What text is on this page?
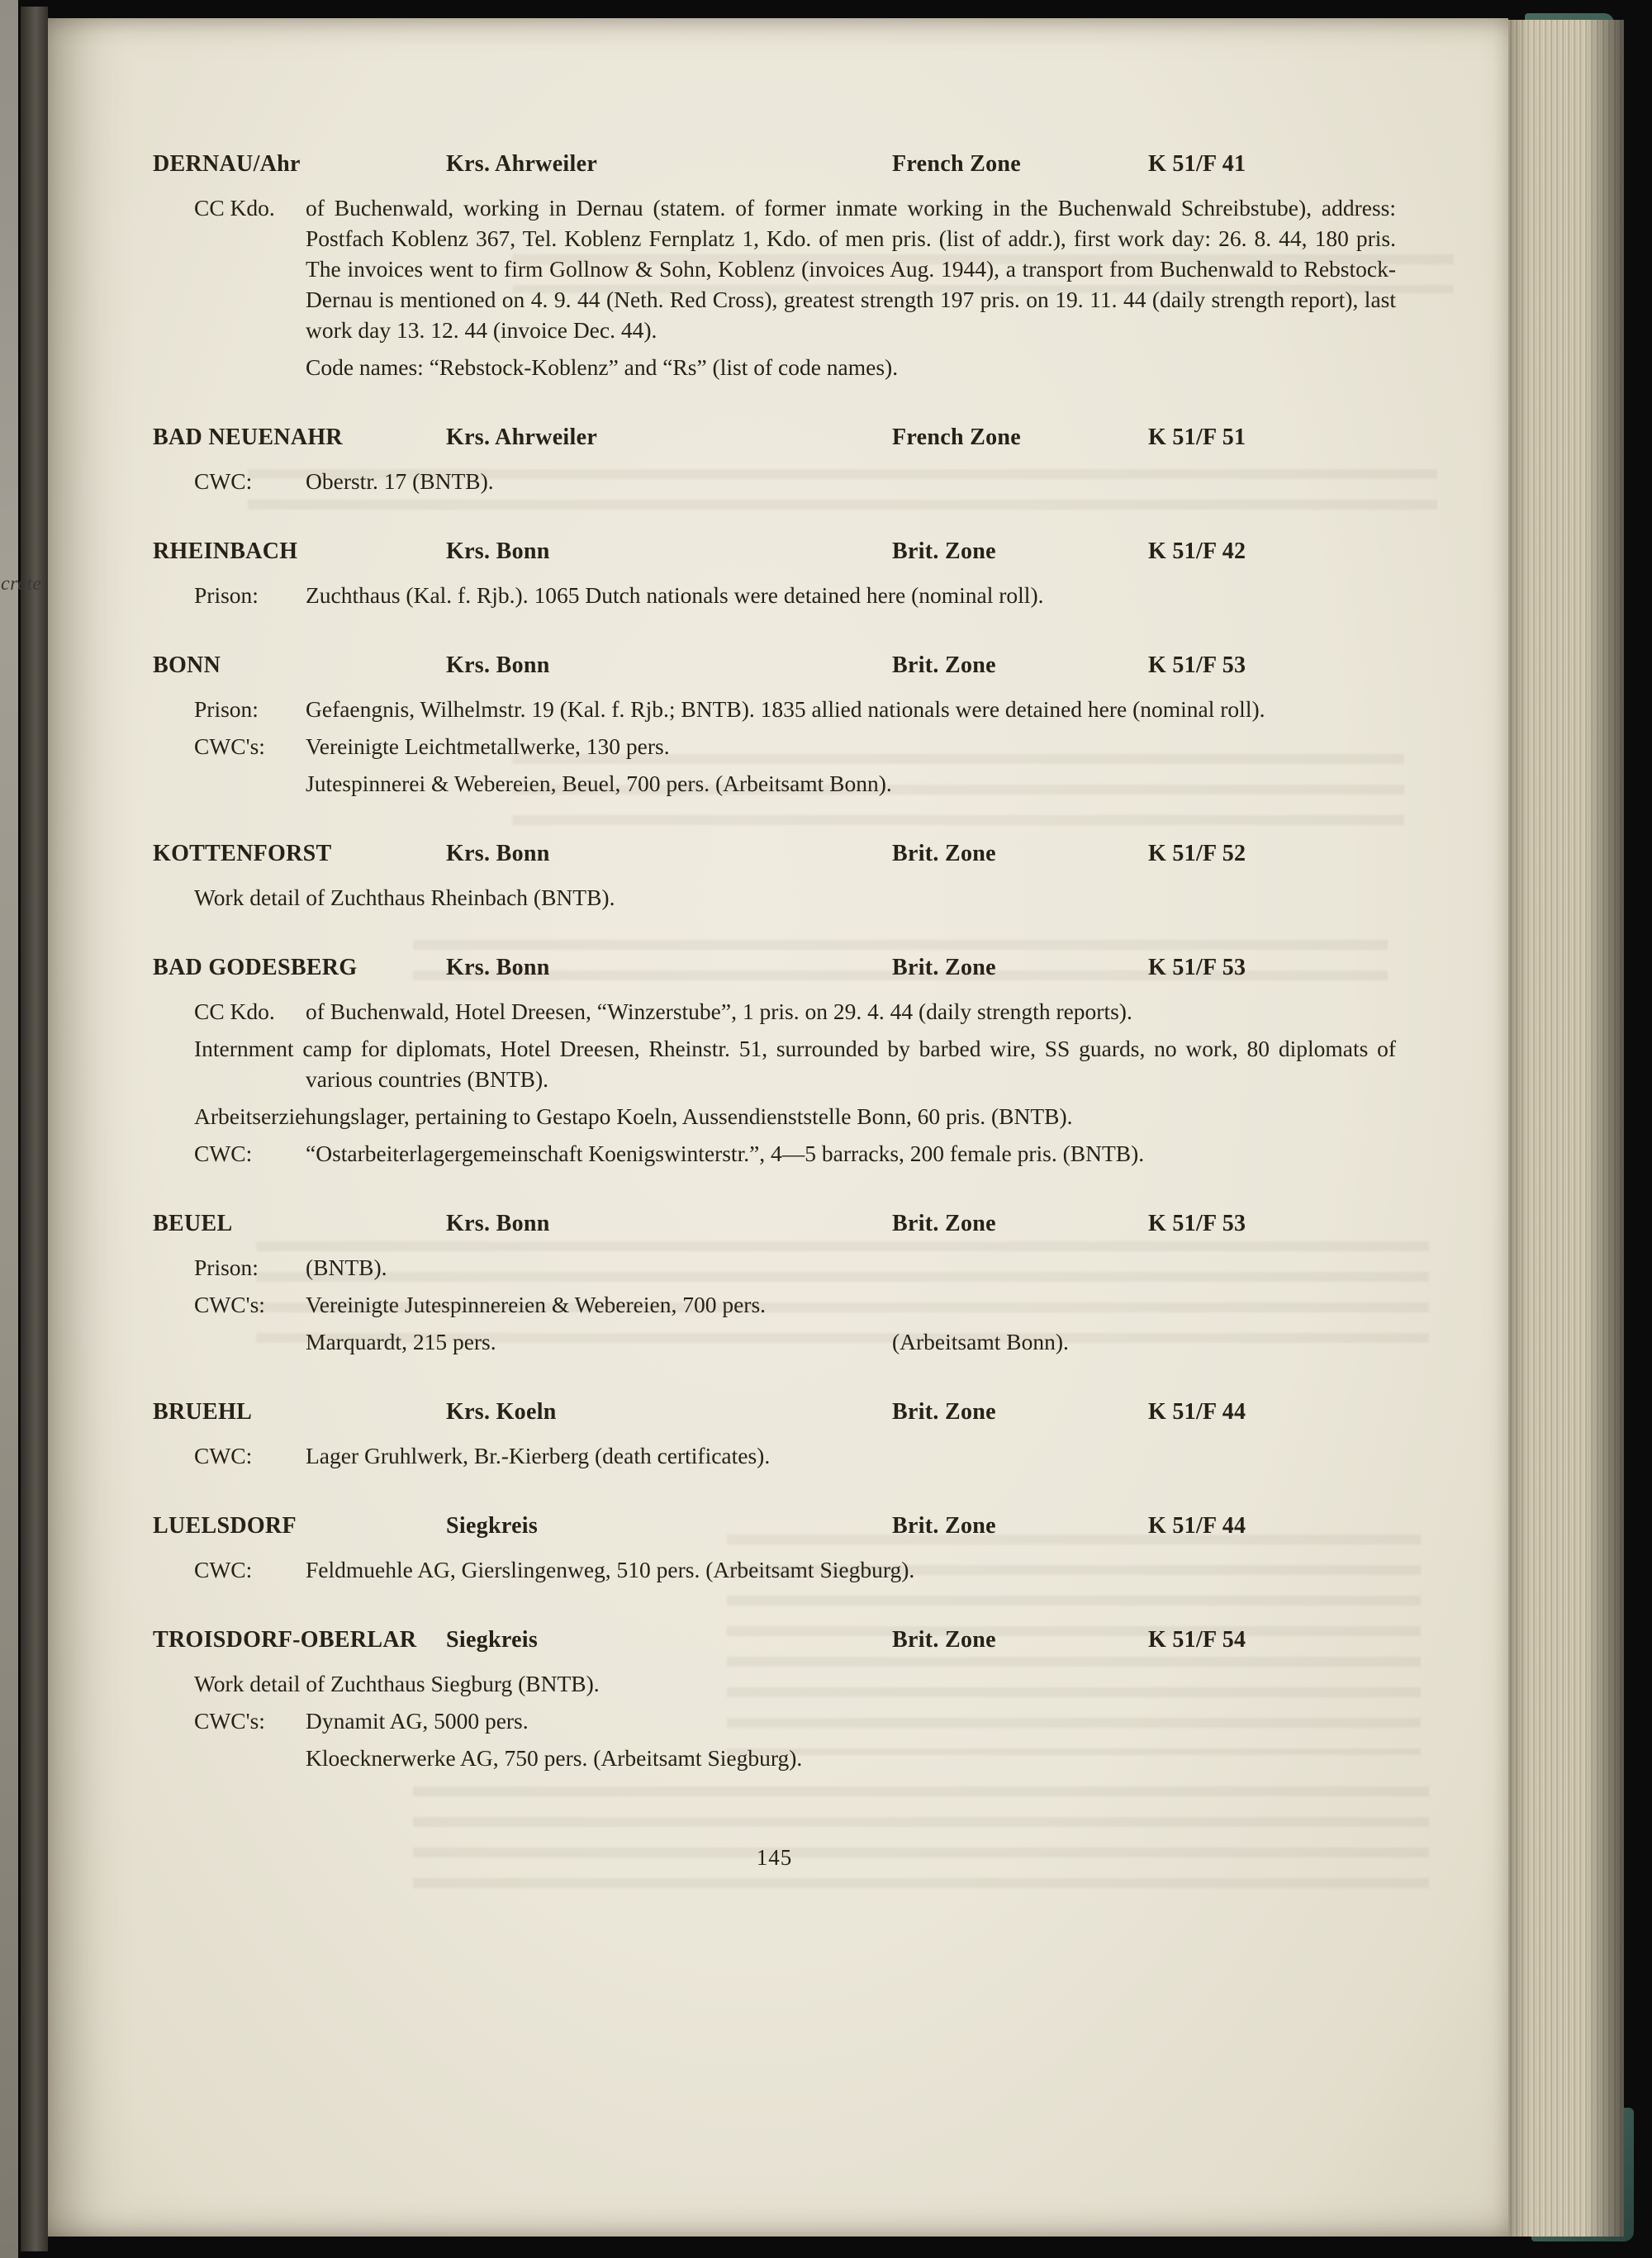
crete
DERNAU/Ahr	Krs. Ahrweiler	French Zone	K 51/F 41
CC Kdo. of Buchenwald, working in Dernau (statem. of former inmate working in the Buchenwald Schreibstube), address: Postfach Koblenz 367, Tel. Koblenz Fernplatz 1, Kdo. of men pris. (list of addr.), first work day: 26. 8. 44, 180 pris. The invoices went to firm Gollnow & Sohn, Koblenz (invoices Aug. 1944), a transport from Buchenwald to Rebstock-Dernau is mentioned on 4. 9. 44 (Neth. Red Cross), greatest strength 197 pris. on 19. 11. 44 (daily strength report), last work day 13. 12. 44 (invoice Dec. 44).
Code names: “Rebstock-Koblenz” and “Rs” (list of code names).
BAD NEUENAHR	Krs. Ahrweiler	French Zone	K 51/F 51
CWC: Oberstr. 17 (BNTB).
RHEINBACH	Krs. Bonn	Brit. Zone	K 51/F 42
Prison: Zuchthaus (Kal. f. Rjb.). 1065 Dutch nationals were detained here (nominal roll).
BONN	Krs. Bonn	Brit. Zone	K 51/F 53
Prison: Gefaengnis, Wilhelmstr. 19 (Kal. f. Rjb.; BNTB). 1835 allied nationals were detained here (nominal roll).
CWC's: Vereinigte Leichtmetallwerke, 130 pers.
Jutespinnerei & Webereien, Beuel, 700 pers. (Arbeitsamt Bonn).
KOTTENFORST	Krs. Bonn	Brit. Zone	K 51/F 52
Work detail of Zuchthaus Rheinbach (BNTB).
BAD GODESBERG	Krs. Bonn	Brit. Zone	K 51/F 53
CC Kdo. of Buchenwald, Hotel Dreesen, “Winzerstube”, 1 pris. on 29. 4. 44 (daily strength reports).
Internment camp for diplomats, Hotel Dreesen, Rheinstr. 51, surrounded by barbed wire, SS guards, no work, 80 diplomats of various countries (BNTB).
Arbeitserziehungslager, pertaining to Gestapo Koeln, Aussendienststelle Bonn, 60 pris. (BNTB).
CWC: “Ostarbeiterlagergemeinschaft Koenigswinterstr.”, 4—5 barracks, 200 female pris. (BNTB).
BEUEL	Krs. Bonn	Brit. Zone	K 51/F 53
Prison: (BNTB).
CWC's: Vereinigte Jutespinnereien & Webereien, 700 pers.
Marquardt, 215 pers.	(Arbeitsamt Bonn).
BRUEHL	Krs. Koeln	Brit. Zone	K 51/F 44
CWC: Lager Gruhlwerk, Br.-Kierberg (death certificates).
LUELSDORF	Siegkreis	Brit. Zone	K 51/F 44
CWC: Feldmuehle AG, Gierslingenweg, 510 pers. (Arbeitsamt Siegburg).
TROISDORF-OBERLAR	Siegkreis	Brit. Zone	K 51/F 54
Work detail of Zuchthaus Siegburg (BNTB).
CWC's: Dynamit AG, 5000 pers.
Kloecknerwerke AG, 750 pers. (Arbeitsamt Siegburg).
145
